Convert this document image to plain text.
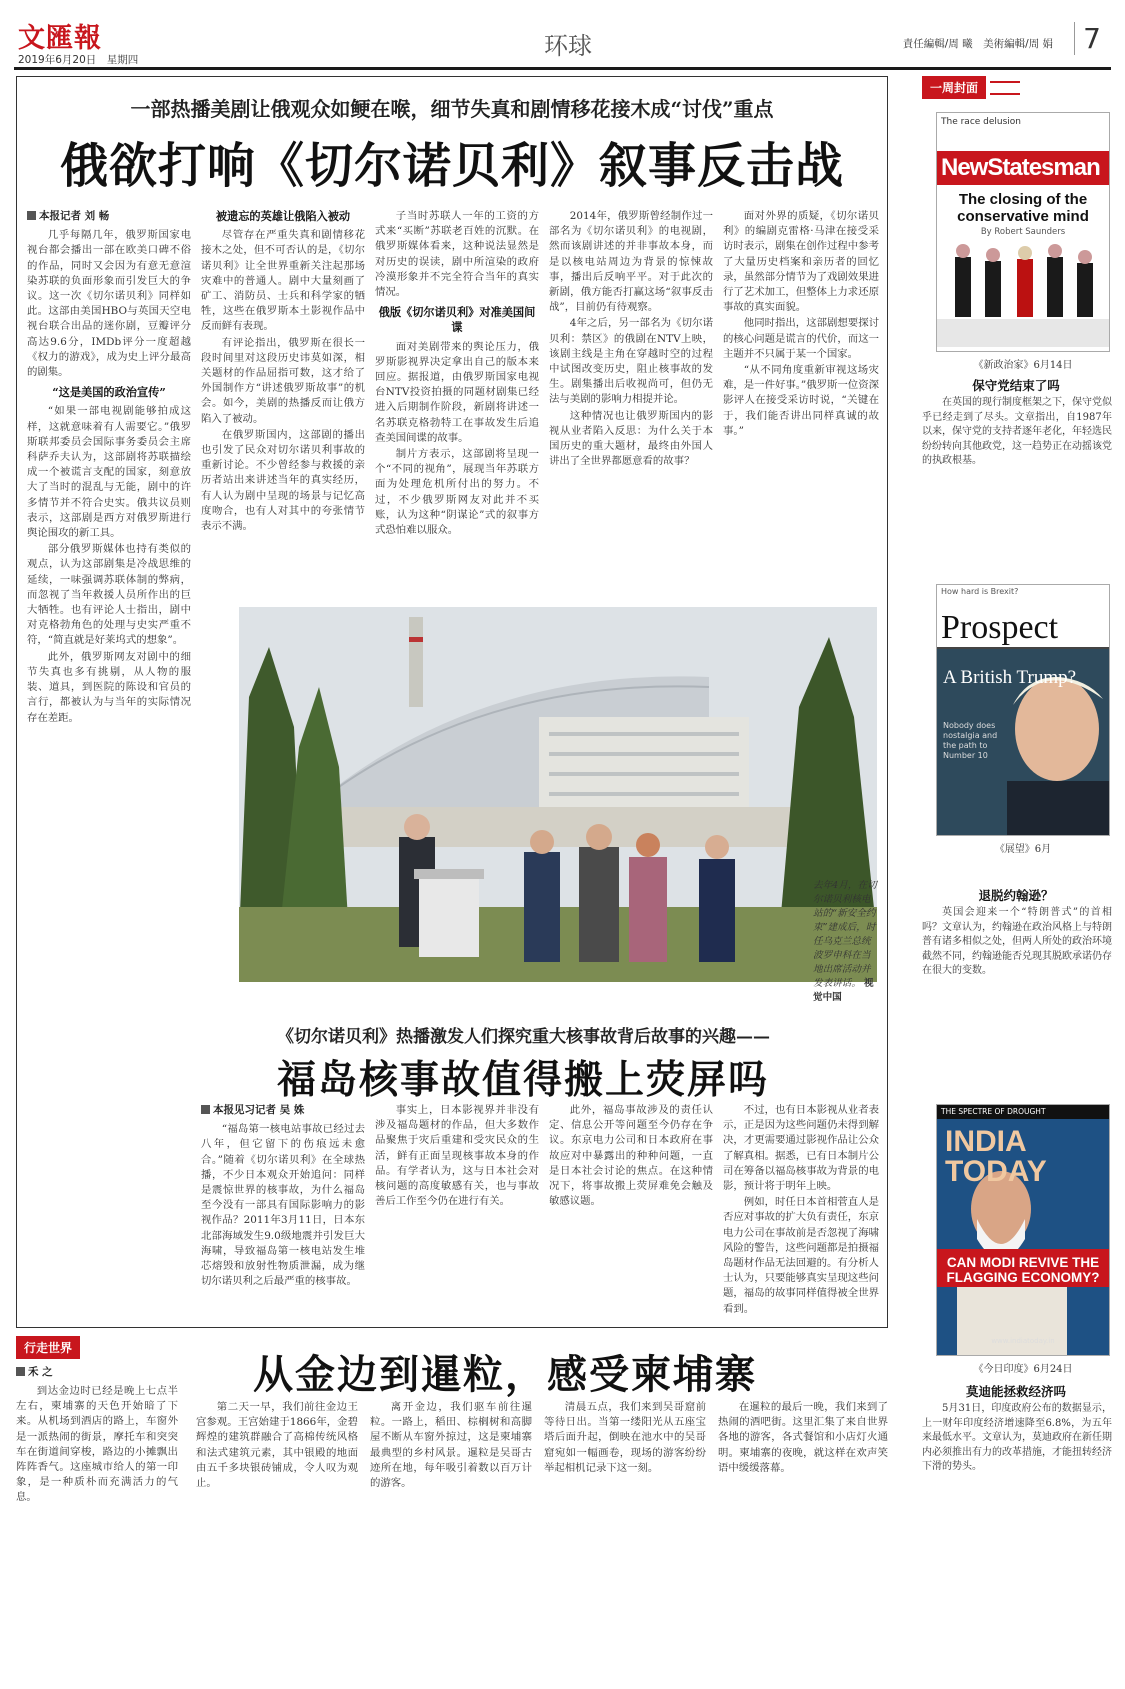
文匯報
2019年6月20日　星期四	环球	責任編輯/周 曦　美術編輯/周 娟	7
一部热播美剧让俄观众如鲠在喉，细节失真和剧情移花接木成“讨伐”重点
俄欲打响《切尔诺贝利》叙事反击战
本报记者 刘 畅

几乎每隔几年，俄罗斯国家电视台都会播出一部在欧美口碑不俗的作品，同时又会因为有意无意渲染苏联的负面形象而引发巨大的争议。这一次《切尔诺贝利》同样如此。这部由美国HBO与英国天空电视台联合出品的迷你剧，豆瓣评分高达9.6分，IMDb评分一度超越《权力的游戏》，成为史上评分最高的剧集。

“这是美国的政治宣传”

“如果一部电视剧能够拍成这样，这就意味着有人需要它。”俄罗斯联邦委员会国际事务委员会主席科萨乔夫认为，这部剧将苏联描绘成一个被谎言支配的国家，刻意放大了当时的混乱与无能，剧中的许多情节并不符合史实。俄共议员则表示，这部剧是西方对俄罗斯进行舆论围攻的新工具。

部分俄罗斯媒体也持有类似的观点，认为这部剧集是冷战思维的延续，一味强调苏联体制的弊病，而忽视了当年救援人员所作出的巨大牺牲。也有评论人士指出，剧中对克格勃角色的处理与史实严重不符，“简直就是好莱坞式的想象”。

此外，俄罗斯网友对剧中的细节失真也多有挑剔，从人物的服装、道具，到医院的陈设和官员的言行，都被认为与当年的实际情况存在差距。

被遗忘的英雄让俄陷入被动

尽管存在严重失真和剧情移花接木之处，但不可否认的是，《切尔诺贝利》让全世界重新关注起那场灾难中的普通人。剧中大量刻画了矿工、消防员、士兵和科学家的牺牲，这些在俄罗斯本土影视作品中反而鲜有表现。

有评论指出，俄罗斯在很长一段时间里对这段历史讳莫如深，相关题材的作品屈指可数，这才给了外国制作方“讲述俄罗斯故事”的机会。如今，美剧的热播反而让俄方陷入了被动。

在俄罗斯国内，这部剧的播出也引发了民众对切尔诺贝利事故的重新讨论。不少曾经参与救援的亲历者站出来讲述当年的真实经历，有人认为剧中呈现的场景与记忆高度吻合，也有人对其中的夸张情节表示不满。

子当时苏联人一年的工资的方式来“买断”苏联老百姓的沉默。在俄罗斯媒体看来，这种说法显然是对历史的误读，剧中所渲染的政府冷漠形象并不完全符合当年的真实情况。

俄版《切尔诺贝利》对准美国间谍

面对美剧带来的舆论压力，俄罗斯影视界决定拿出自己的版本来回应。据报道，由俄罗斯国家电视台NTV投资拍摄的同题材剧集已经进入后期制作阶段，新剧将讲述一名苏联克格勃特工在事故发生后追查美国间谍的故事。

制片方表示，这部剧将呈现一个“不同的视角”，展现当年苏联方面为处理危机所付出的努力。不过，不少俄罗斯网友对此并不买账，认为这种“阴谋论”式的叙事方式恐怕难以服众。

2014年，俄罗斯曾经制作过一部名为《切尔诺贝利》的电视剧，然而该剧讲述的并非事故本身，而是以核电站周边为背景的惊悚故事，播出后反响平平。对于此次的新剧，俄方能否打赢这场“叙事反击战”，目前仍有待观察。

4年之后，另一部名为《切尔诺贝利：禁区》的俄剧在NTV上映，该剧主线是主角在穿越时空的过程中试图改变历史，阻止核事故的发生。剧集播出后收视尚可，但仍无法与美剧的影响力相提并论。

这种情况也让俄罗斯国内的影视从业者陷入反思：为什么关于本国历史的重大题材，最终由外国人讲出了全世界都愿意看的故事？

面对外界的质疑，《切尔诺贝利》的编剧克雷格·马津在接受采访时表示，剧集在创作过程中参考了大量历史档案和亲历者的回忆录，虽然部分情节为了戏剧效果进行了艺术加工，但整体上力求还原事故的真实面貌。

他同时指出，这部剧想要探讨的核心问题是谎言的代价，而这一主题并不只属于某一个国家。

“从不同角度重新审视这场灾难，是一件好事。”俄罗斯一位资深影评人在接受采访时说，“关键在于，我们能否讲出同样真诚的故事。”

去年4月，在切尔诺贝利核电站的“新安全约束”建成后，时任乌克兰总统波罗申科在当地出席活动并发表讲话。 视觉中国
《切尔诺贝利》热播激发人们探究重大核事故背后故事的兴趣——
福岛核事故值得搬上荧屏吗
本报见习记者 吴 姝

“福岛第一核电站事故已经过去八年，但它留下的伤痕远未愈合。”随着《切尔诺贝利》在全球热播，不少日本观众开始追问：同样是震惊世界的核事故，为什么福岛至今没有一部具有国际影响力的影视作品？2011年3月11日，日本东北部海域发生9.0级地震并引发巨大海啸，导致福岛第一核电站发生堆芯熔毁和放射性物质泄漏，成为继切尔诺贝利之后最严重的核事故。

事实上，日本影视界并非没有涉及福岛题材的作品，但大多数作品聚焦于灾后重建和受灾民众的生活，鲜有正面呈现核事故本身的作品。有学者认为，这与日本社会对核问题的高度敏感有关，也与事故善后工作至今仍在进行有关。

此外，福岛事故涉及的责任认定、信息公开等问题至今仍存在争议。东京电力公司和日本政府在事故应对中暴露出的种种问题，一直是日本社会讨论的焦点。在这种情况下，将事故搬上荧屏难免会触及敏感议题。

不过，也有日本影视从业者表示，正是因为这些问题仍未得到解决，才更需要通过影视作品让公众了解真相。据悉，已有日本制片公司在筹备以福岛核事故为背景的电影，预计将于明年上映。

例如，时任日本首相菅直人是否应对事故的扩大负有责任，东京电力公司在事故前是否忽视了海啸风险的警告，这些问题都是拍摄福岛题材作品无法回避的。有分析人士认为，只要能够真实呈现这些问题，福岛的故事同样值得被全世界看到。

行走世界
从金边到暹粒，感受柬埔寨
禾 之

到达金边时已经是晚上七点半左右，柬埔寨的天色开始暗了下来。从机场到酒店的路上，车窗外是一派热闹的街景，摩托车和突突车在街道间穿梭，路边的小摊飘出阵阵香气。这座城市给人的第一印象，是一种质朴而充满活力的气息。

第二天一早，我们前往金边王宫参观。王宫始建于1866年，金碧辉煌的建筑群融合了高棉传统风格和法式建筑元素，其中银殿的地面由五千多块银砖铺成，令人叹为观止。

离开金边，我们驱车前往暹粒。一路上，稻田、棕榈树和高脚屋不断从车窗外掠过，这是柬埔寨最典型的乡村风景。暹粒是吴哥古迹所在地，每年吸引着数以百万计的游客。

清晨五点，我们来到吴哥窟前等待日出。当第一缕阳光从五座宝塔后面升起，倒映在池水中的吴哥窟宛如一幅画卷，现场的游客纷纷举起相机记录下这一刻。

在暹粒的最后一晚，我们来到了热闹的酒吧街。这里汇集了来自世界各地的游客，各式餐馆和小店灯火通明。柬埔寨的夜晚，就这样在欢声笑语中缓缓落幕。

一周封面
The race delusion
NewStatesman
The closing of the conservative mind
By Robert Saunders
《新政治家》6月14日
保守党结束了吗

在英国的现行制度框架之下，保守党似乎已经走到了尽头。文章指出，自1987年以来，保守党的支持者逐年老化，年轻选民纷纷转向其他政党，这一趋势正在动摇该党的执政根基。

How hard is Brexit?
Prospect
A British Trump?
Nobody does nostalgia and the path to Number 10
《展望》6月
退脱约翰逊？

英国会迎来一个“特朗普式”的首相吗？文章认为，约翰逊在政治风格上与特朗普有诸多相似之处，但两人所处的政治环境截然不同，约翰逊能否兑现其脱欧承诺仍存在很大的变数。

THE SPECTRE OF DROUGHT
INDIA TODAY
CAN MODI REVIVE THE FLAGGING ECONOMY?
www.indiatoday.in
《今日印度》6月24日
莫迪能拯救经济吗

5月31日，印度政府公布的数据显示，上一财年印度经济增速降至6.8%，为五年来最低水平。文章认为，莫迪政府在新任期内必须推出有力的改革措施，才能扭转经济下滑的势头。
